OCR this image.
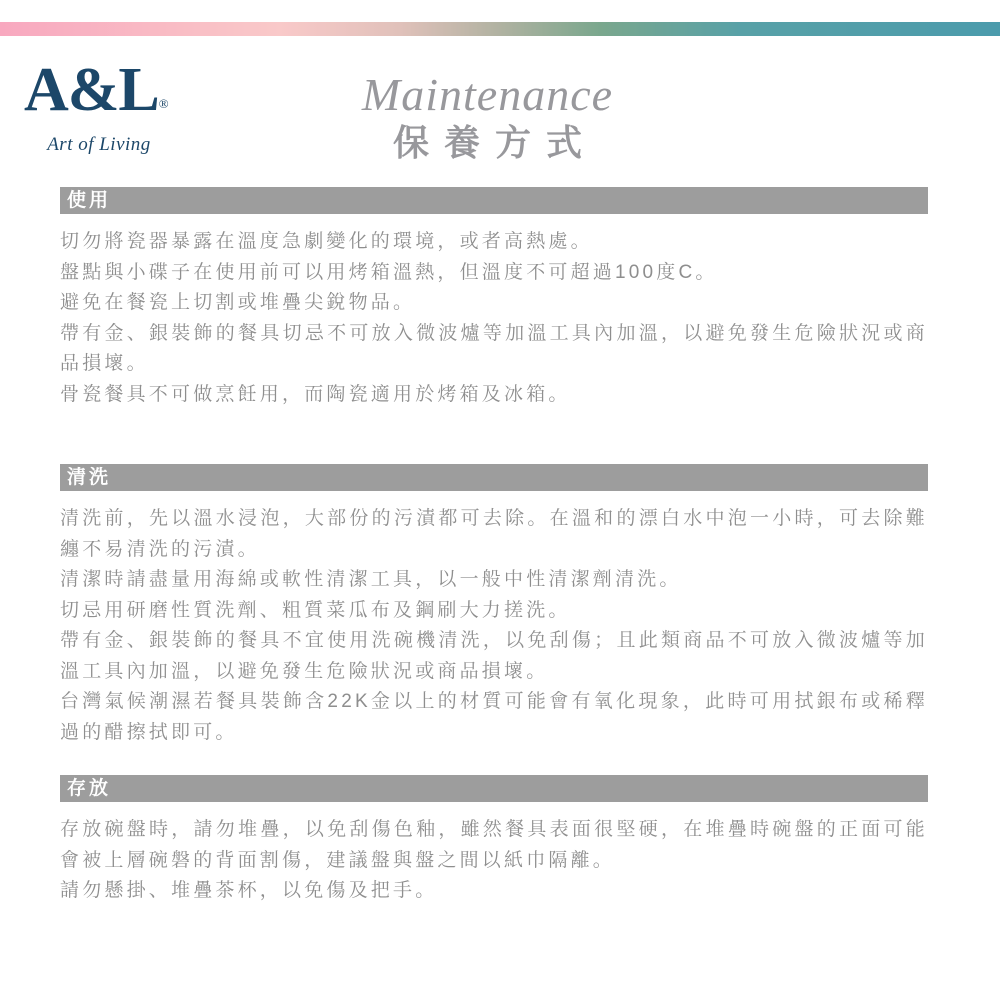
A&L®
Art of Living
Maintenance
保養方式
使用

切勿將瓷器暴露在溫度急劇變化的環境，或者高熱處。

盤點與小碟子在使用前可以用烤箱溫熱，但溫度不可超過100度C。

避免在餐瓷上切割或堆疊尖銳物品。

帶有金、銀裝飾的餐具切忌不可放入微波爐等加溫工具內加溫，以避免發生危險狀況或商品損壞。

骨瓷餐具不可做烹飪用，而陶瓷適用於烤箱及冰箱。

清洗

清洗前，先以溫水浸泡，大部份的污漬都可去除。在溫和的漂白水中泡一小時，可去除難纏不易清洗的污漬。

清潔時請盡量用海綿或軟性清潔工具，以一般中性清潔劑清洗。

切忌用研磨性質洗劑、粗質菜瓜布及鋼刷大力搓洗。

帶有金、銀裝飾的餐具不宜使用洗碗機清洗，以免刮傷；且此類商品不可放入微波爐等加溫工具內加溫，以避免發生危險狀況或商品損壞。

台灣氣候潮濕若餐具裝飾含22K金以上的材質可能會有氧化現象，此時可用拭銀布或稀釋過的醋擦拭即可。

存放

存放碗盤時，請勿堆疊，以免刮傷色釉，雖然餐具表面很堅硬，在堆疊時碗盤的正面可能會被上層碗磐的背面割傷，建議盤與盤之間以紙巾隔離。

請勿懸掛、堆疊茶杯，以免傷及把手。
